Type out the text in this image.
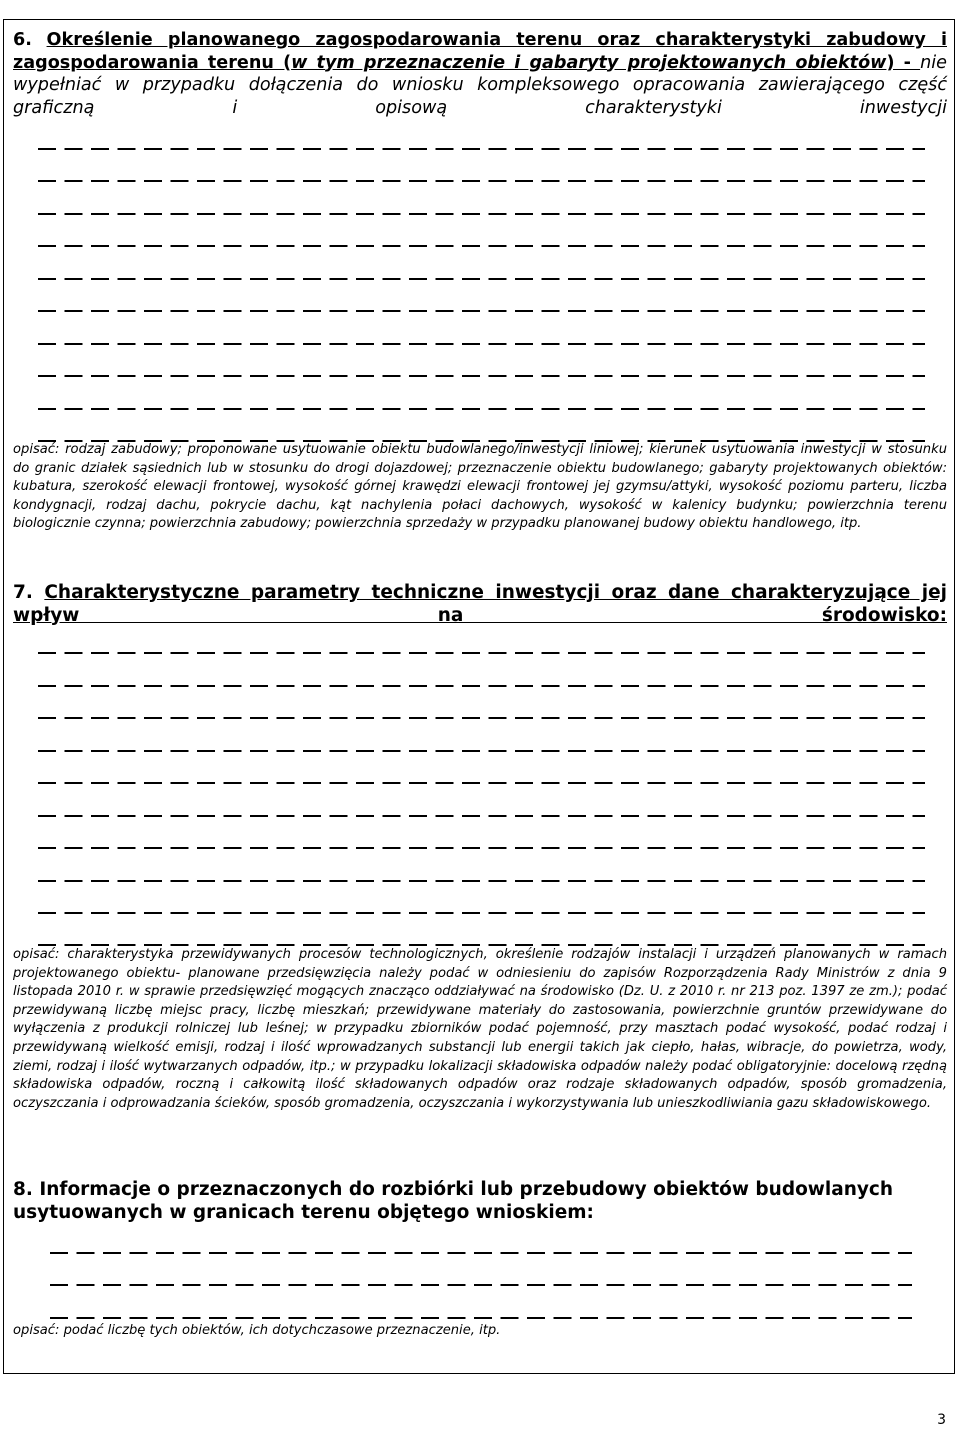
6. Określenie planowanego zagospodarowania terenu oraz charakterystyki zabudowy i zagospodarowania terenu (w tym przeznaczenie i gabaryty projektowanych obiektów) - nie wypełniać w przypadku dołączenia do wniosku kompleksowego opracowania zawierającego część graficzną i opisową charakterystyki inwestycji
opisać: rodzaj zabudowy; proponowane usytuowanie obiektu budowlanego/inwestycji liniowej; kierunek usytuowania inwestycji w stosunku do granic działek sąsiednich lub w stosunku do drogi dojazdowej; przeznaczenie obiektu budowlanego; gabaryty projektowanych obiektów: kubatura, szerokość elewacji frontowej, wysokość górnej krawędzi elewacji frontowej jej gzymsu/attyki, wysokość poziomu parteru, liczba kondygnacji, rodzaj dachu, pokrycie dachu, kąt nachylenia połaci dachowych, wysokość w kalenicy budynku; powierzchnia terenu biologicznie czynna; powierzchnia zabudowy; powierzchnia sprzedaży w przypadku planowanej budowy obiektu handlowego, itp.
7. Charakterystyczne parametry techniczne inwestycji oraz dane charakteryzujące jej wpływ na środowisko:
opisać: charakterystyka przewidywanych procesów technologicznych, określenie rodzajów instalacji i urządzeń planowanych w ramach projektowanego obiektu- planowane przedsięwzięcia należy podać w odniesieniu do zapisów Rozporządzenia Rady Ministrów z dnia 9 listopada 2010 r. w sprawie przedsięwzięć mogących znacząco oddziaływać na środowisko (Dz. U. z 2010 r. nr 213 poz. 1397 ze zm.); podać przewidywaną liczbę miejsc pracy, liczbę mieszkań; przewidywane materiały do zastosowania, powierzchnie gruntów przewidywane do wyłączenia z produkcji rolniczej lub leśnej; w przypadku zbiorników podać pojemność, przy masztach podać wysokość, podać rodzaj i przewidywaną wielkość emisji, rodzaj i ilość wprowadzanych substancji lub energii takich jak ciepło, hałas, wibracje, do powietrza, wody, ziemi, rodzaj i ilość wytwarzanych odpadów, itp.; w przypadku lokalizacji składowiska odpadów należy podać obligatoryjnie: docelową rzędną składowiska odpadów, roczną i całkowitą ilość składowanych odpadów oraz rodzaje składowanych odpadów, sposób gromadzenia, oczyszczania i odprowadzania ścieków, sposób gromadzenia, oczyszczania i wykorzystywania lub unieszkodliwiania gazu składowiskowego.
8. Informacje o przeznaczonych do rozbiórki lub przebudowy obiektów budowlanych usytuowanych w granicach terenu objętego wnioskiem:
opisać: podać liczbę tych obiektów, ich dotychczasowe przeznaczenie, itp.
3
